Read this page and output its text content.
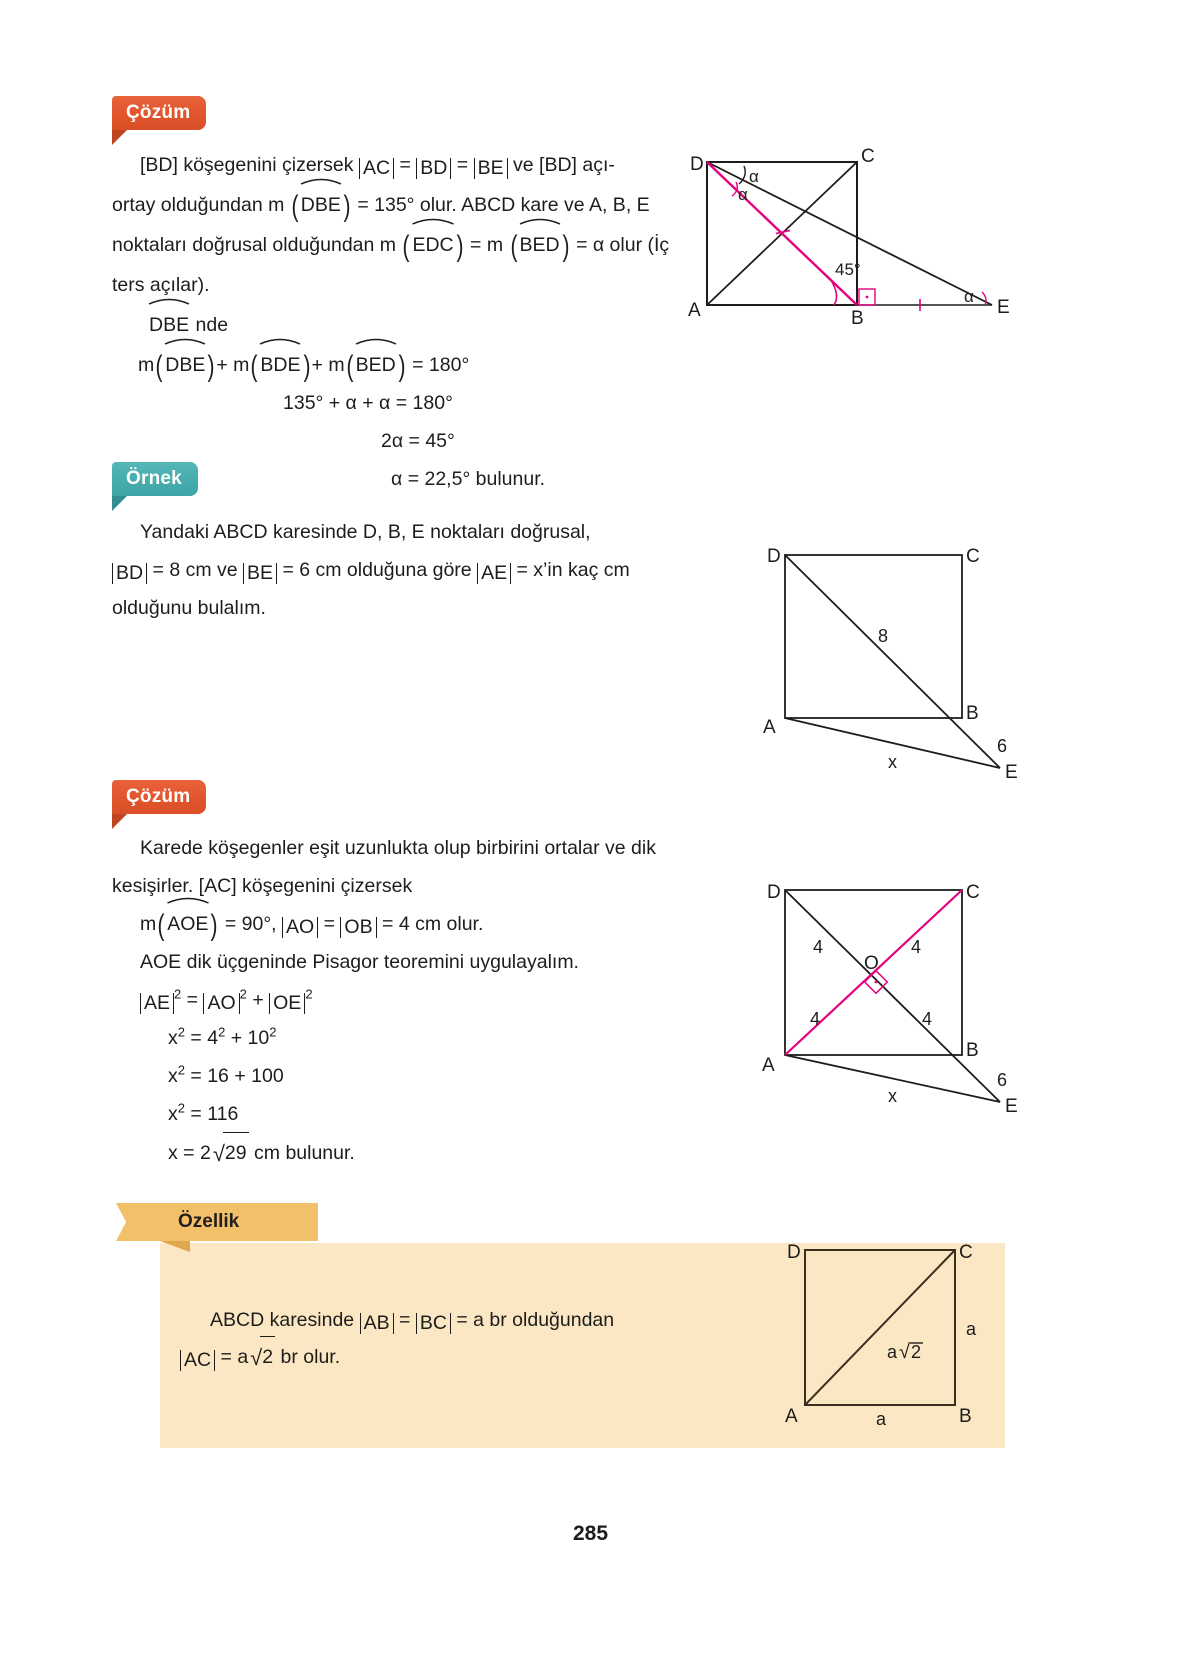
Çözüm
[BD] köşegenini çizersek AC = BD = BE ve [BD] açı-
ortay olduğundan m ( DBE) = 135° olur. ABCD kare ve A, B, E
noktaları doğrusal olduğundan m ( EDC) = m ( BED) = α olur (İç
ters açılar).
DBE nde
m( DBE)+ m( BDE)+ m( BED) = 180°
135° + α + α = 180°
2α = 45°
α = 22,5° bulunur.
α
α
45°
α
D	C
A	B
E
Örnek
Yandaki ABCD karesinde D, B, E noktaları doğrusal,
BD = 8 cm ve BE = 6 cm olduğuna göre AE = x’in kaç cm
olduğunu bulalım.
D	C
A
B
E
8
6
x
Çözüm
Karede köşegenler eşit uzunlukta olup birbirini ortalar ve dik
kesişirler. [AC] köşegenini çizersek
m( AOE) = 90°, AO = OB = 4 cm olur.
AOE dik üçgeninde Pisagor teoremini uygulayalım.
AE $^2$ = AO $^2$ + OE $^2$
$x^2 = 4^2 + 10^2$
$x^2 = 16 + 100$
$x^2 = 116$
x = 2√29 cm bulunur.
D	C
A
B
E
O
4	4
4	4
6
x
Özellik
ABCD karesinde AB = BC = a br olduğundan
AC = a√2 br olur.
D	C
A	B
a √ 2
a
a
285
